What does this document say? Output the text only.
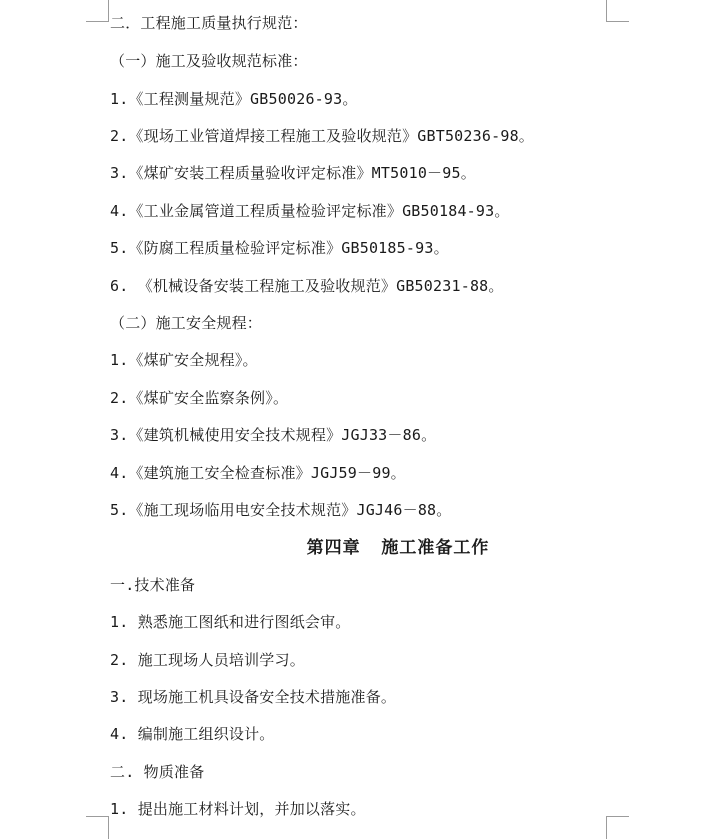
二．工程施工质量执行规范：
（一）施工及验收规范标准：
1.《工程测量规范》GB50026-93。
2.《现场工业管道焊接工程施工及验收规范》GBT50236-98。
3.《煤矿安装工程质量验收评定标准》MT5010－95。
4.《工业金属管道工程质量检验评定标准》GB50184-93。
5.《防腐工程质量检验评定标准》GB50185-93。
6. 《机械设备安装工程施工及验收规范》GB50231-88。
（二）施工安全规程：
1.《煤矿安全规程》。
2.《煤矿安全监察条例》。
3.《建筑机械使用安全技术规程》JGJ33－86。
4.《建筑施工安全检查标准》JGJ59－99。
5.《施工现场临用电安全技术规范》JGJ46－88。
第四章   施工准备工作
一.技术准备
1. 熟悉施工图纸和进行图纸会审。
2. 施工现场人员培训学习。
3. 现场施工机具设备安全技术措施准备。
4. 编制施工组织设计。
二. 物质准备
1. 提出施工材料计划，并加以落实。
